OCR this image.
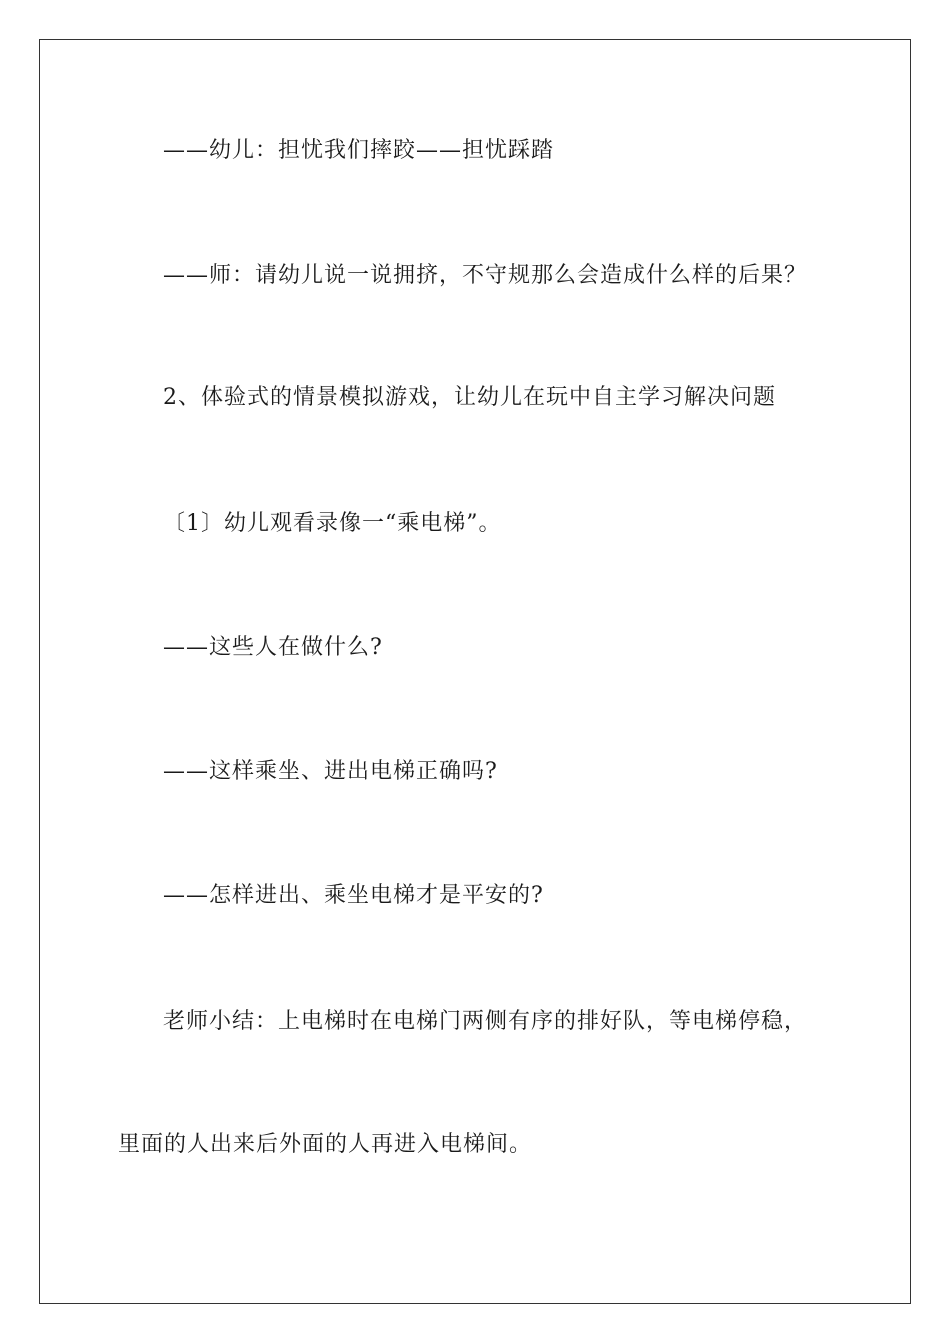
——幼儿：担忧我们摔跤——担忧踩踏
——师：请幼儿说一说拥挤，不守规那么会造成什么样的后果？
2、体验式的情景模拟游戏，让幼儿在玩中自主学习解决问题
〔1〕幼儿观看录像一“乘电梯”。
——这些人在做什么?
——这样乘坐、进出电梯正确吗?
——怎样进出、乘坐电梯才是平安的?
老师小结：上电梯时在电梯门两侧有序的排好队，等电梯停稳，
里面的人出来后外面的人再进入电梯间。
